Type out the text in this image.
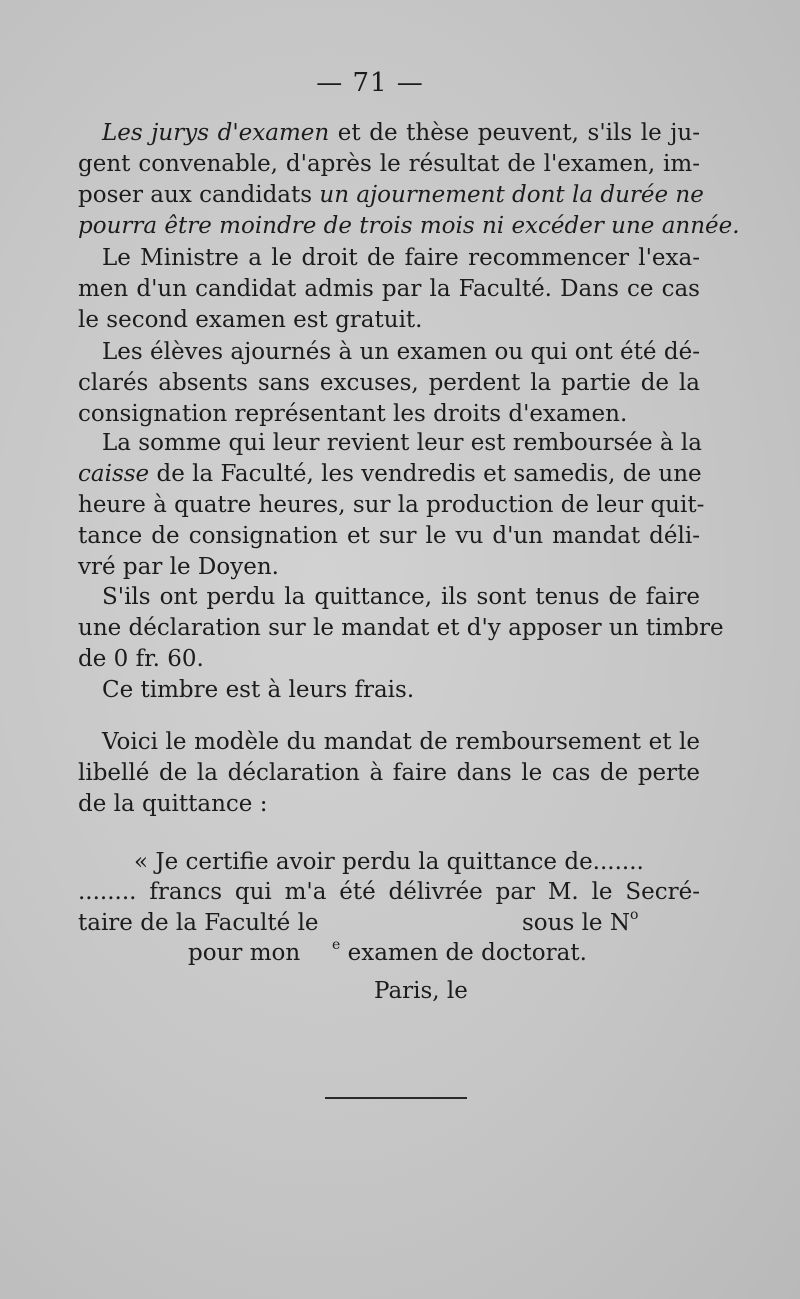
— 71 —
Les jurys d'examen et de thèse peuvent, s'ils le ju-
gent convenable, d'après le résultat de l'examen, im-
poser aux candidats un ajournement dont la durée ne
pourra être moindre de trois mois ni excéder une année.
Le Ministre a le droit de faire recommencer l'exa-
men d'un candidat admis par la Faculté. Dans ce cas
le second examen est gratuit.
Les élèves ajournés à un examen ou qui ont été dé-
clarés absents sans excuses, perdent la partie de la
consignation représentant les droits d'examen.
La somme qui leur revient leur est remboursée à la
caisse de la Faculté, les vendredis et samedis, de une
heure à quatre heures, sur la production de leur quit-
tance de consignation et sur le vu d'un mandat déli-
vré par le Doyen.
S'ils ont perdu la quittance, ils sont tenus de faire
une déclaration sur le mandat et d'y apposer un timbre
de 0 fr. 60.
Ce timbre est à leurs frais.
Voici le modèle du mandat de remboursement et le
libellé de la déclaration à faire dans le cas de perte
de la quittance :
« Je certifie avoir perdu la quittance de.......
........ francs qui m'a été délivrée par M. le Secré-
taire de la Faculté le	sous le $N^o$
pour mon $^e$ examen de doctorat.
Paris, le
